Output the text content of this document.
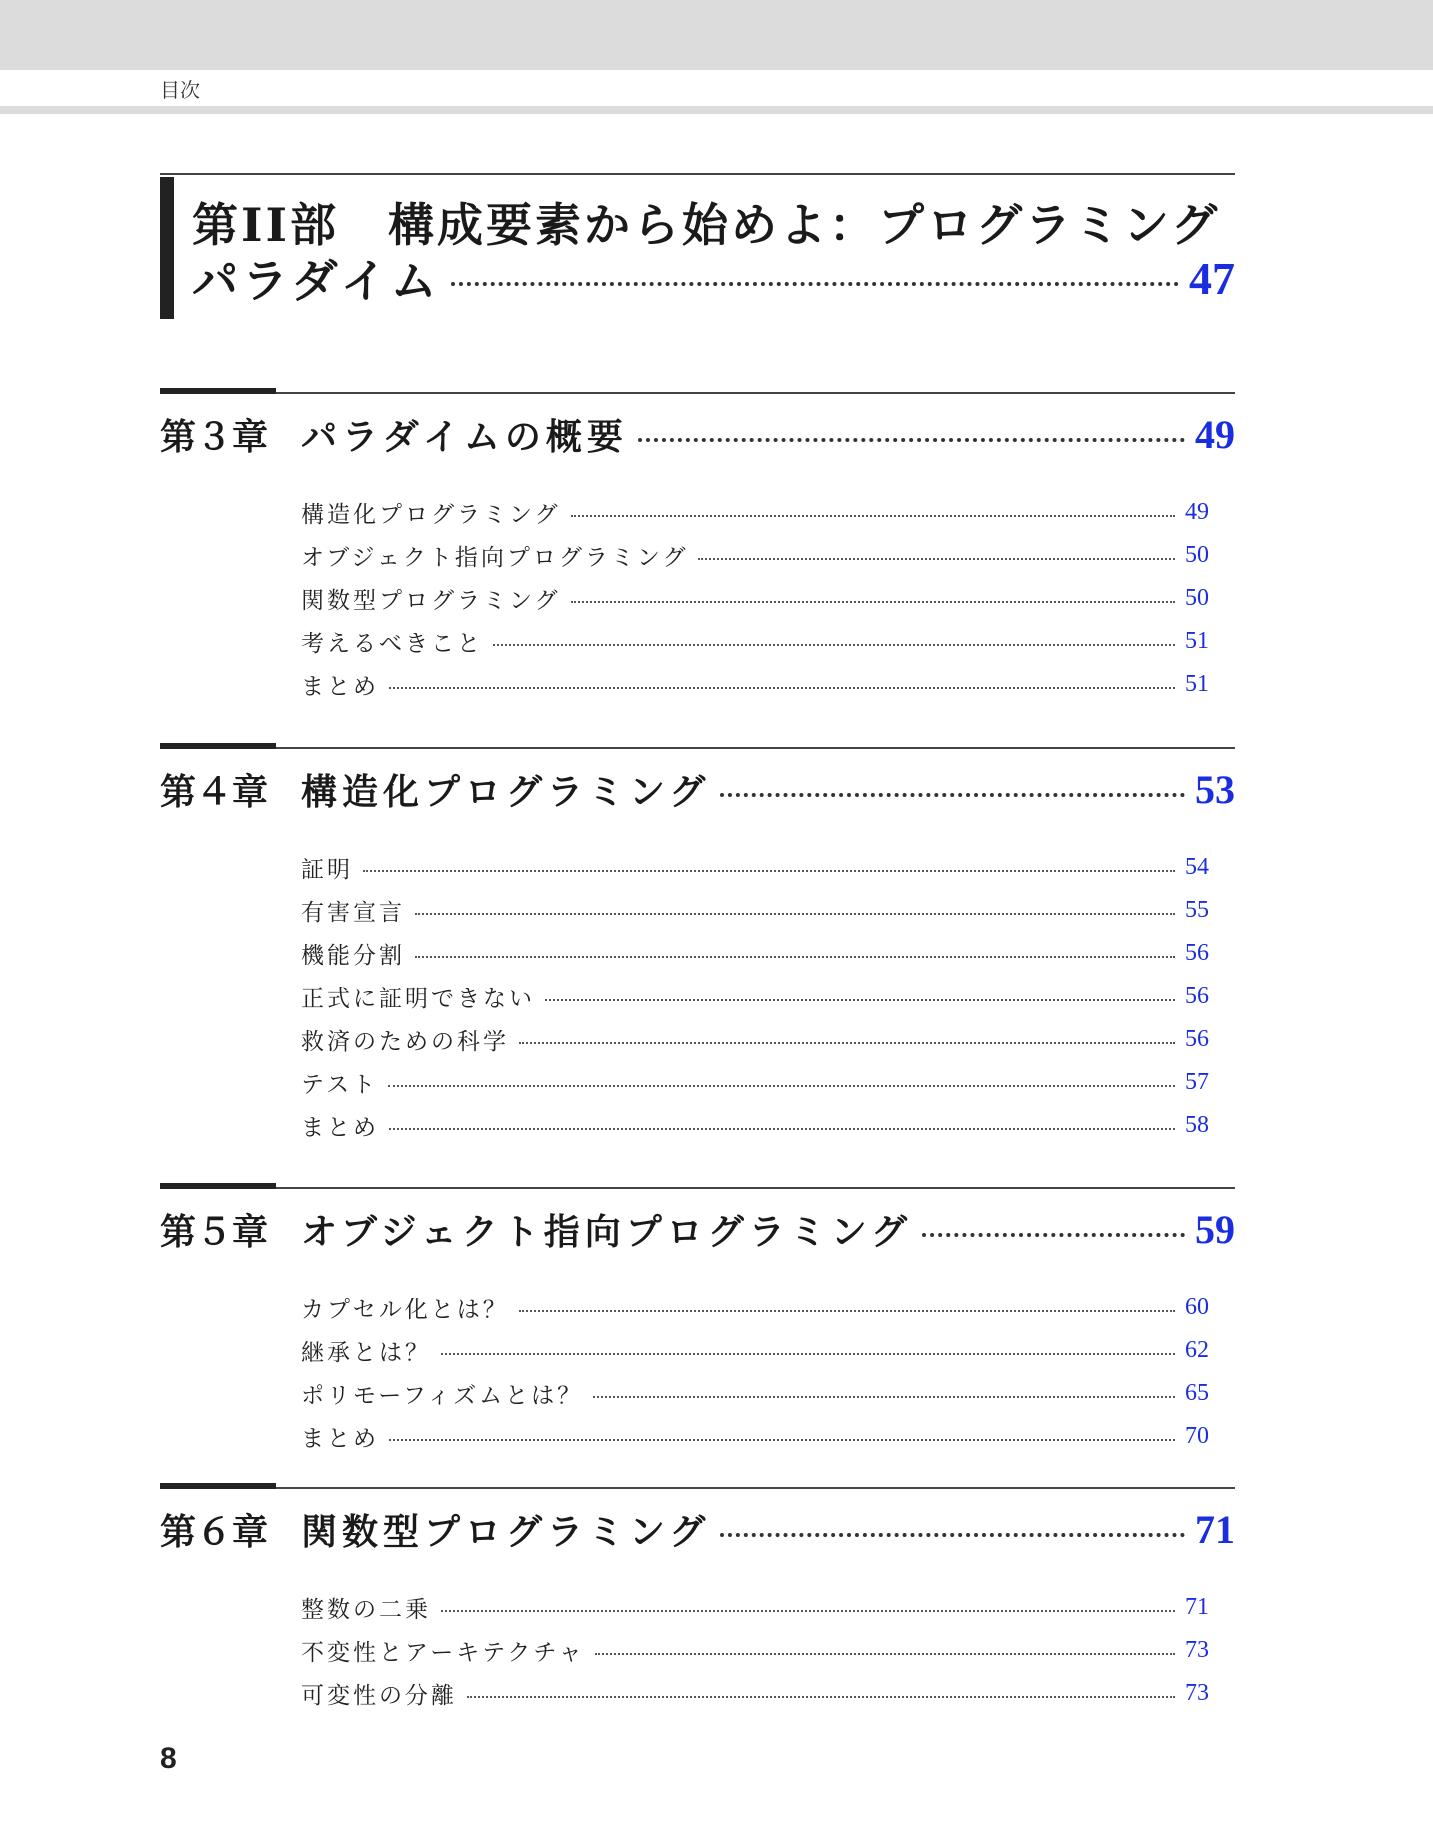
目次
第II部　構成要素から始めよ：プログラミング
パラダイム	47
第３章 パラダイムの概要	49
構造化プログラミング	49
オブジェクト指向プログラミング	50
関数型プログラミング	50
考えるべきこと	51
まとめ	51
第４章 構造化プログラミング	53
証明	54
有害宣言	55
機能分割	56
正式に証明できない	56
救済のための科学	56
テスト	57
まとめ	58
第５章 オブジェクト指向プログラミング	59
カプセル化とは？	60
継承とは？	62
ポリモーフィズムとは？	65
まとめ	70
第６章 関数型プログラミング	71
整数の二乗	71
不変性とアーキテクチャ	73
可変性の分離	73
8
